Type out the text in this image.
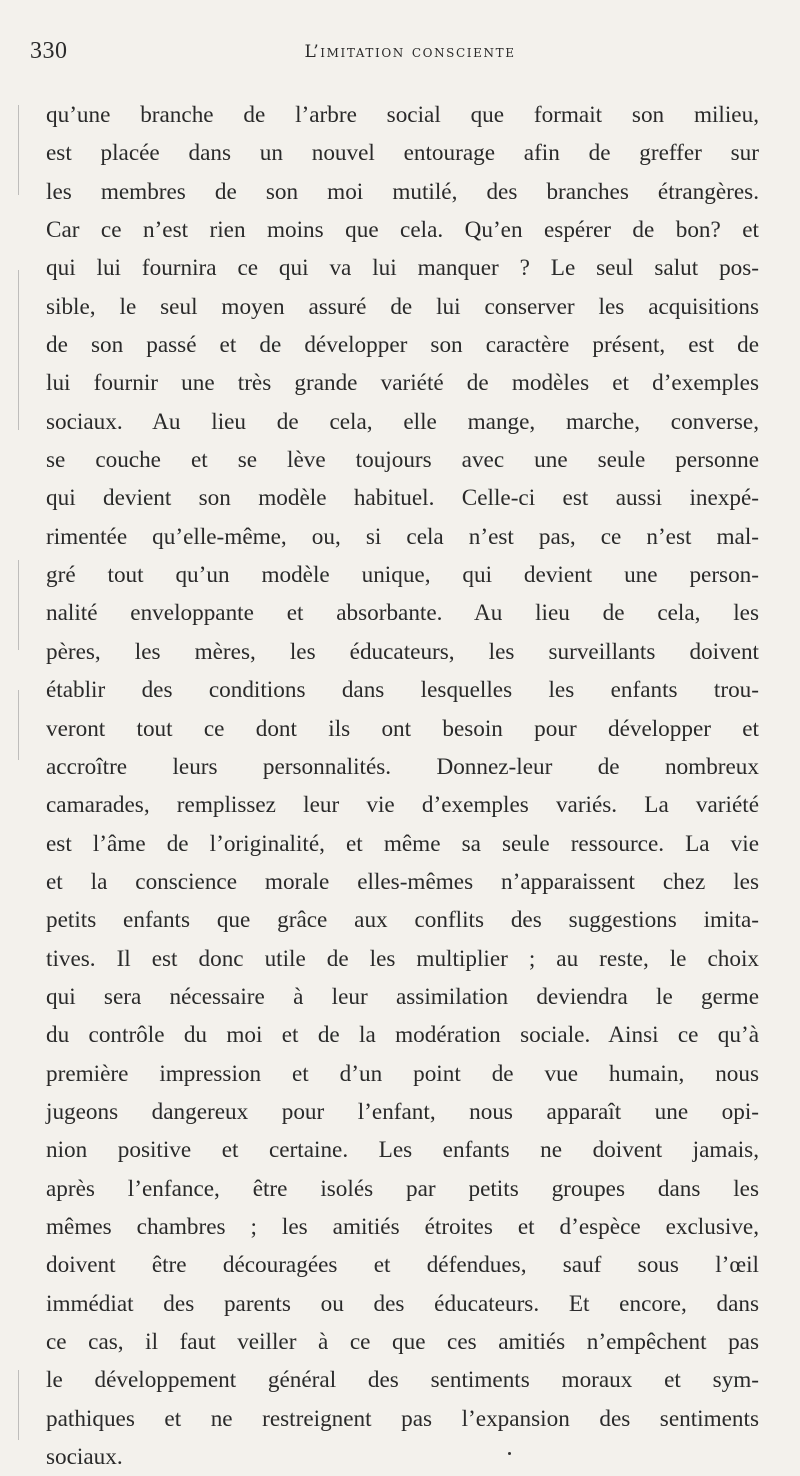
330	L’imitation consciente
qu’une branche de l’arbre social que formait son milieu,
est placée dans un nouvel entourage afin de greffer sur
les membres de son moi mutilé, des branches étrangères.
Car ce n’est rien moins que cela. Qu’en espérer de bon? et
qui lui fournira ce qui va lui manquer ? Le seul salut pos-
sible, le seul moyen assuré de lui conserver les acquisitions
de son passé et de développer son caractère présent, est de
lui fournir une très grande variété de modèles et d’exemples
sociaux. Au lieu de cela, elle mange, marche, converse,
se couche et se lève toujours avec une seule personne
qui devient son modèle habituel. Celle-ci est aussi inexpé-
rimentée qu’elle-même, ou, si cela n’est pas, ce n’est mal-
gré tout qu’un modèle unique, qui devient une person-
nalité enveloppante et absorbante. Au lieu de cela, les
pères, les mères, les éducateurs, les surveillants doivent
établir des conditions dans lesquelles les enfants trou-
veront tout ce dont ils ont besoin pour développer et
accroître leurs personnalités. Donnez-leur de nombreux
camarades, remplissez leur vie d’exemples variés. La variété
est l’âme de l’originalité, et même sa seule ressource. La vie
et la conscience morale elles-mêmes n’apparaissent chez les
petits enfants que grâce aux conflits des suggestions imita-
tives. Il est donc utile de les multiplier ; au reste, le choix
qui sera nécessaire à leur assimilation deviendra le germe
du contrôle du moi et de la modération sociale. Ainsi ce qu’à
première impression et d’un point de vue humain, nous
jugeons dangereux pour l’enfant, nous apparaît une opi-
nion positive et certaine. Les enfants ne doivent jamais,
après l’enfance, être isolés par petits groupes dans les
mêmes chambres ; les amitiés étroites et d’espèce exclusive,
doivent être découragées et défendues, sauf sous l’œil
immédiat des parents ou des éducateurs. Et encore, dans
ce cas, il faut veiller à ce que ces amitiés n’empêchent pas
le développement général des sentiments moraux et sym-
pathiques et ne restreignent pas l’expansion des sentiments
sociaux.
